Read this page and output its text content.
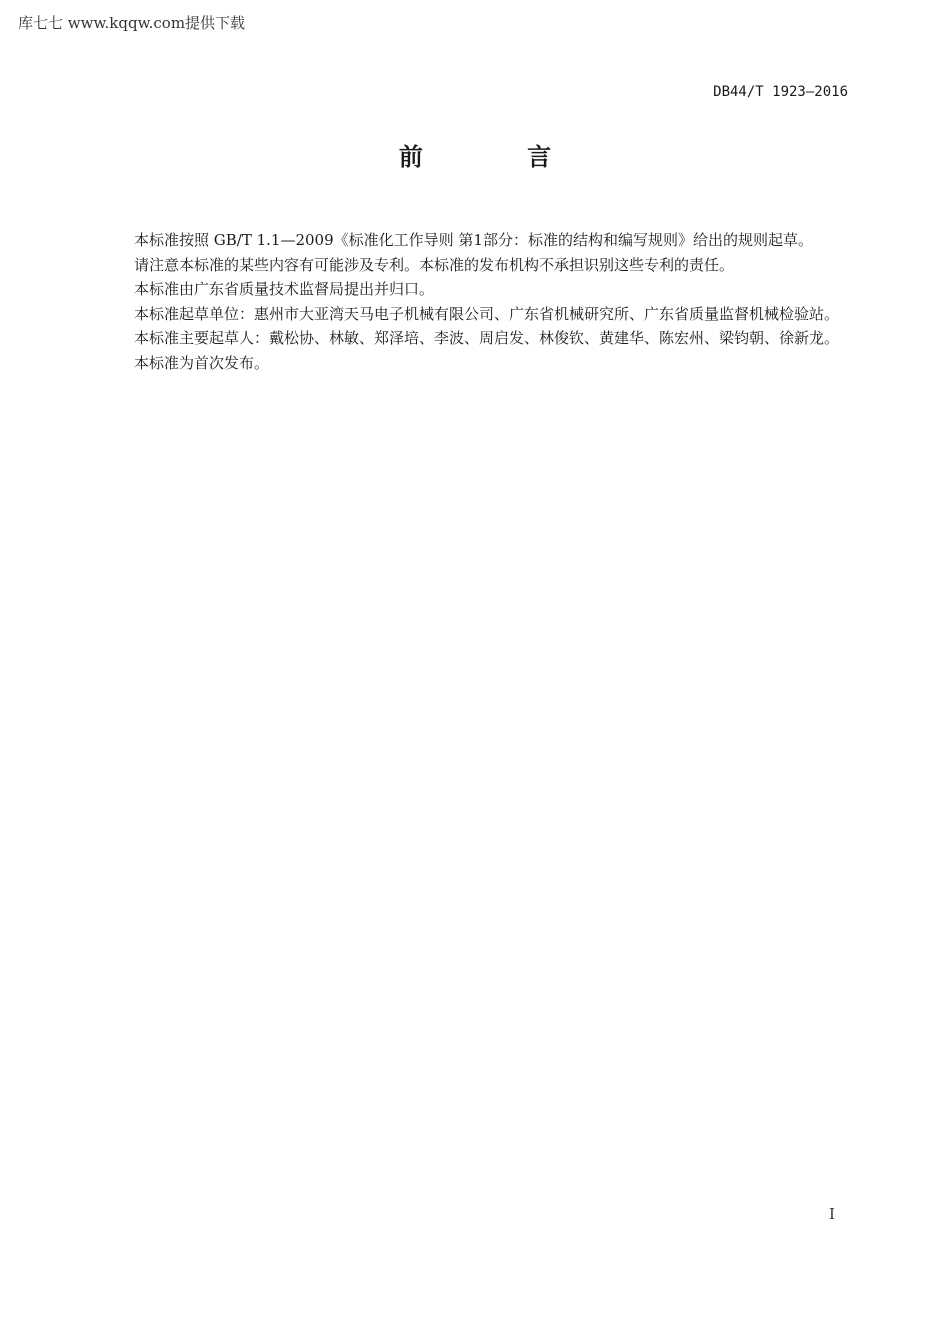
库七七 www.kqqw.com提供下载
DB44/T 1923—2016
前 言

本标准按照 GB/T 1.1—2009《标准化工作导则 第1部分：标准的结构和编写规则》给出的规则起草。

请注意本标准的某些内容有可能涉及专利。本标准的发布机构不承担识别这些专利的责任。

本标准由广东省质量技术监督局提出并归口。

本标准起草单位：惠州市大亚湾天马电子机械有限公司、广东省机械研究所、广东省质量监督机械检验站。

本标准主要起草人：戴松协、林敏、郑泽培、李波、周启发、林俊钦、黄建华、陈宏州、梁钧朝、徐新龙。

本标准为首次发布。

I
